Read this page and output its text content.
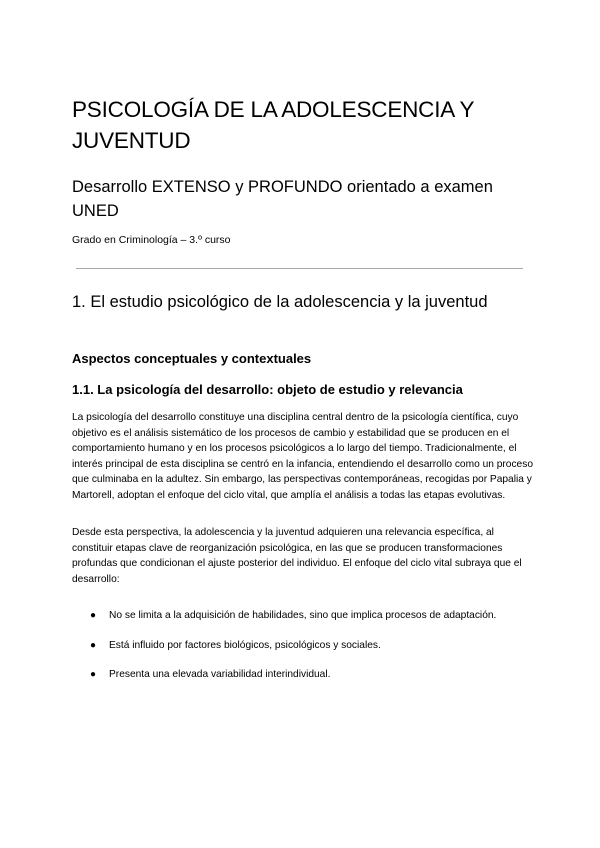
PSICOLOGÍA DE LA ADOLESCENCIA Y JUVENTUD
Desarrollo EXTENSO y PROFUNDO orientado a examen UNED

Grado en Criminología – 3.º curso

1. El estudio psicológico de la adolescencia y la juventud
Aspectos conceptuales y contextuales
1.1. La psicología del desarrollo: objeto de estudio y relevancia

La psicología del desarrollo constituye una disciplina central dentro de la psicología científica, cuyo objetivo es el análisis sistemático de los procesos de cambio y estabilidad que se producen en el comportamiento humano y en los procesos psicológicos a lo largo del tiempo. Tradicionalmente, el interés principal de esta disciplina se centró en la infancia, entendiendo el desarrollo como un proceso que culminaba en la adultez. Sin embargo, las perspectivas contemporáneas, recogidas por Papalia y Martorell, adoptan el enfoque del ciclo vital, que amplía el análisis a todas las etapas evolutivas.

Desde esta perspectiva, la adolescencia y la juventud adquieren una relevancia específica, al constituir etapas clave de reorganización psicológica, en las que se producen transformaciones profundas que condicionan el ajuste posterior del individuo. El enfoque del ciclo vital subraya que el desarrollo:

● No se limita a la adquisición de habilidades, sino que implica procesos de adaptación.
● Está influido por factores biológicos, psicológicos y sociales.
● Presenta una elevada variabilidad interindividual.
